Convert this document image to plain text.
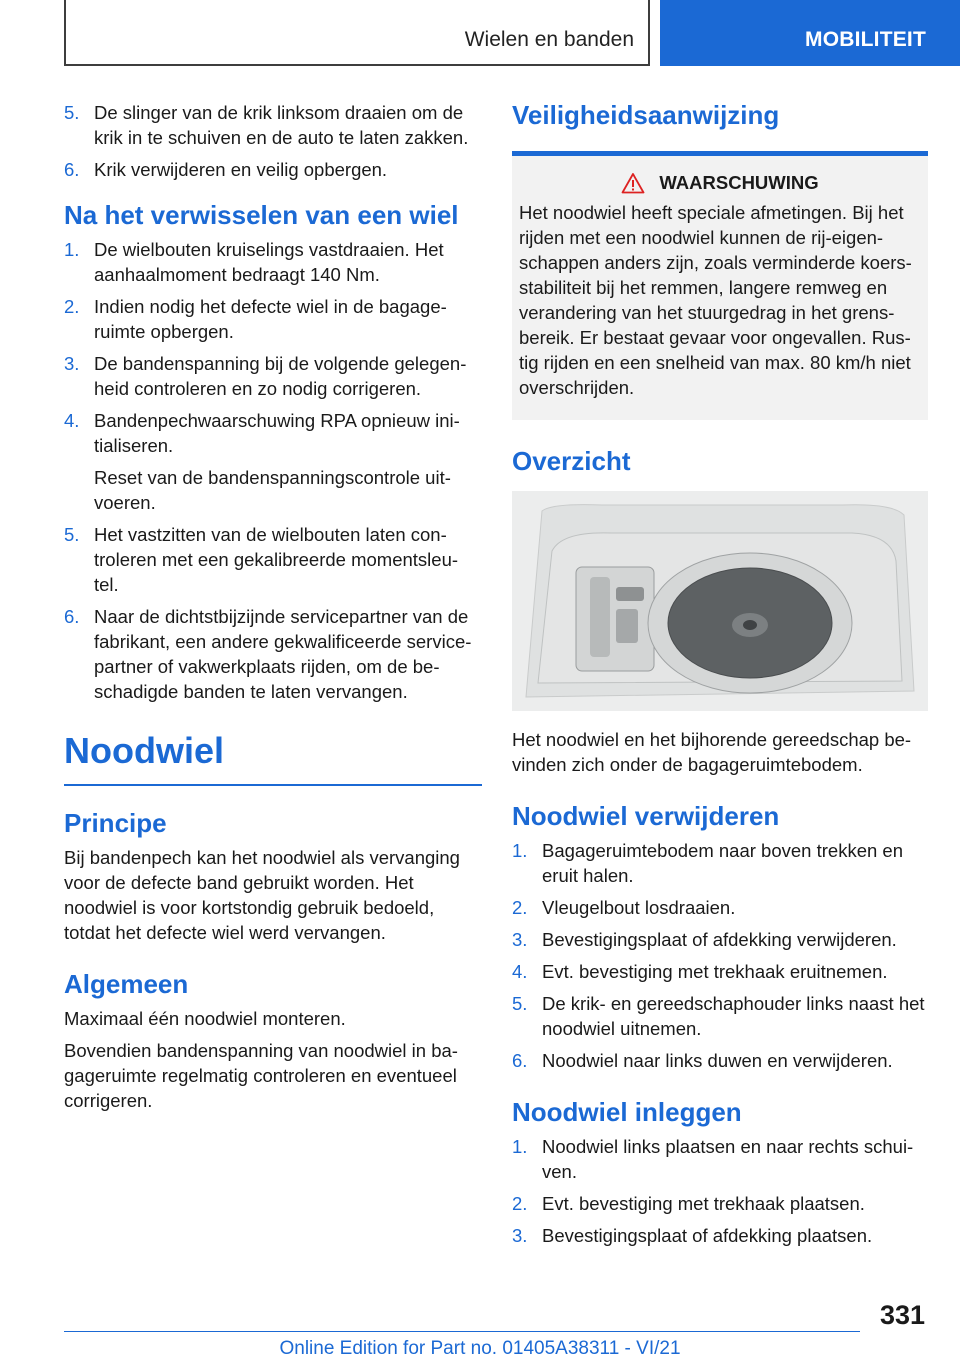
Wielen en banden	MOBILITEIT
5. De slinger van de krik linksom draaien om de krik in te schuiven en de auto te laten zakken.
6. Krik verwijderen en veilig opbergen.
Na het verwisselen van een wiel
1. De wielbouten kruiselings vastdraaien. Het aanhaalmoment bedraagt 140 Nm.
2. Indien nodig het defecte wiel in de bagage‐ruimte opbergen.
3. De bandenspanning bij de volgende gelegen‐heid controleren en zo nodig corrigeren.
4. Bandenpechwaarschuwing RPA opnieuw ini‐tialiseren.
Reset van de bandenspanningscontrole uit‐voeren.
5. Het vastzitten van de wielbouten laten con‐troleren met een gekalibreerde momentsleu‐tel.
6. Naar de dichtstbijzijnde servicepartner van de fabrikant, een andere gekwalificeerde service‐partner of vakwerkplaats rijden, om de be‐schadigde banden te laten vervangen.
Noodwiel
Principe

Bij bandenpech kan het noodwiel als vervanging voor de defecte band gebruikt worden. Het noodwiel is voor kortstondig gebruik bedoeld, totdat het defecte wiel werd vervangen.

Algemeen

Maximaal één noodwiel monteren.

Bovendien bandenspanning van noodwiel in ba‐gageruimte regelmatig controleren en eventueel corrigeren.

Veiligheidsaanwijzing
WAARSCHUWING

Het noodwiel heeft speciale afmetingen. Bij het rijden met een noodwiel kunnen de rij-eigen‐schappen anders zijn, zoals verminderde koers‐stabiliteit bij het remmen, langere remweg en verandering van het stuurgedrag in het grens‐bereik. Er bestaat gevaar voor ongevallen. Rus‐tig rijden en een snelheid van max. 80 km/h niet overschrijden.

Overzicht

Het noodwiel en het bijhorende gereedschap be‐vinden zich onder de bagageruimtebodem.

Noodwiel verwijderen
1. Bagageruimtebodem naar boven trekken en eruit halen.
2. Vleugelbout losdraaien.
3. Bevestigingsplaat of afdekking verwijderen.
4. Evt. bevestiging met trekhaak eruitnemen.
5. De krik- en gereedschaphouder links naast het noodwiel uitnemen.
6. Noodwiel naar links duwen en verwijderen.
Noodwiel inleggen
1. Noodwiel links plaatsen en naar rechts schui‐ven.
2. Evt. bevestiging met trekhaak plaatsen.
3. Bevestigingsplaat of afdekking plaatsen.
331
Online Edition for Part no. 01405A38311 - VI/21
